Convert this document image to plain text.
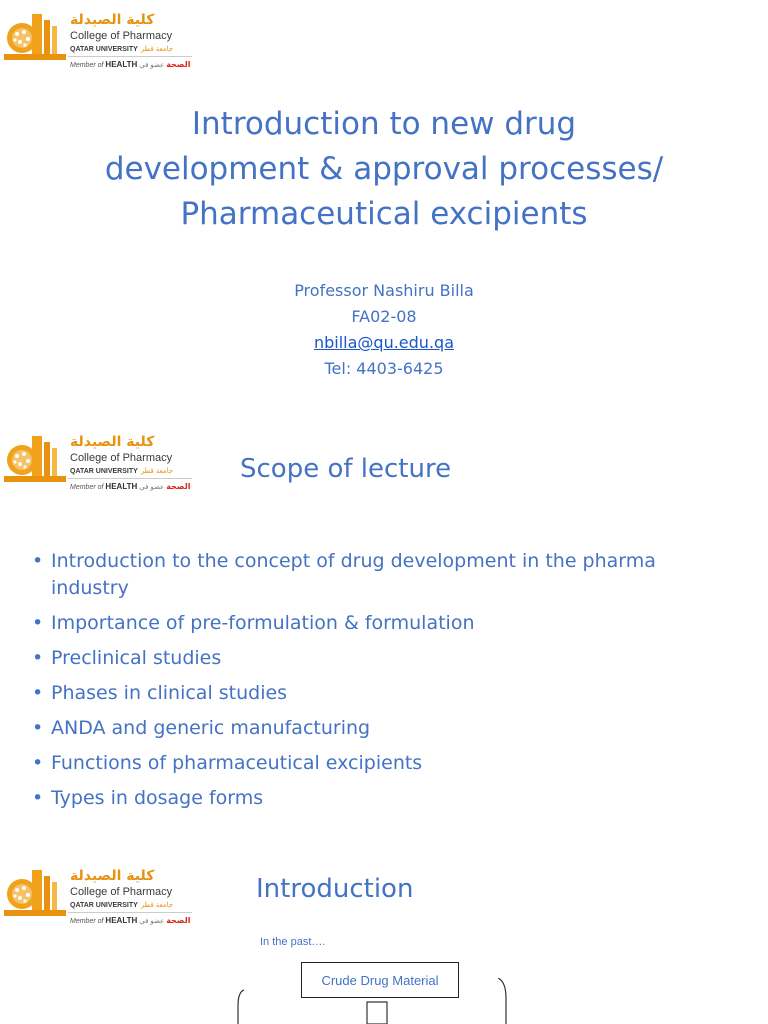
كلية الصيدلة
College of Pharmacy
QATAR UNIVERSITY جامعة قطر
Member of HEALTH	الصحة عضو في
Introduction to new drug
development & approval processes/
Pharmaceutical excipients
Professor Nashiru Billa
FA02-08
nbilla@qu.edu.qa
Tel: 4403-6425
كلية الصيدلة
College of Pharmacy
QATAR UNIVERSITY جامعة قطر
Member of HEALTH	الصحة عضو في
Scope of lecture
• Introduction to the concept of drug development in the pharma industry
• Importance of pre-formulation & formulation
• Preclinical studies
• Phases in clinical studies
• ANDA and generic manufacturing
• Functions of pharmaceutical excipients
• Types in dosage forms
كلية الصيدلة
College of Pharmacy
QATAR UNIVERSITY جامعة قطر
Member of HEALTH	الصحة عضو في
Introduction
In the past….
Crude Drug Material
